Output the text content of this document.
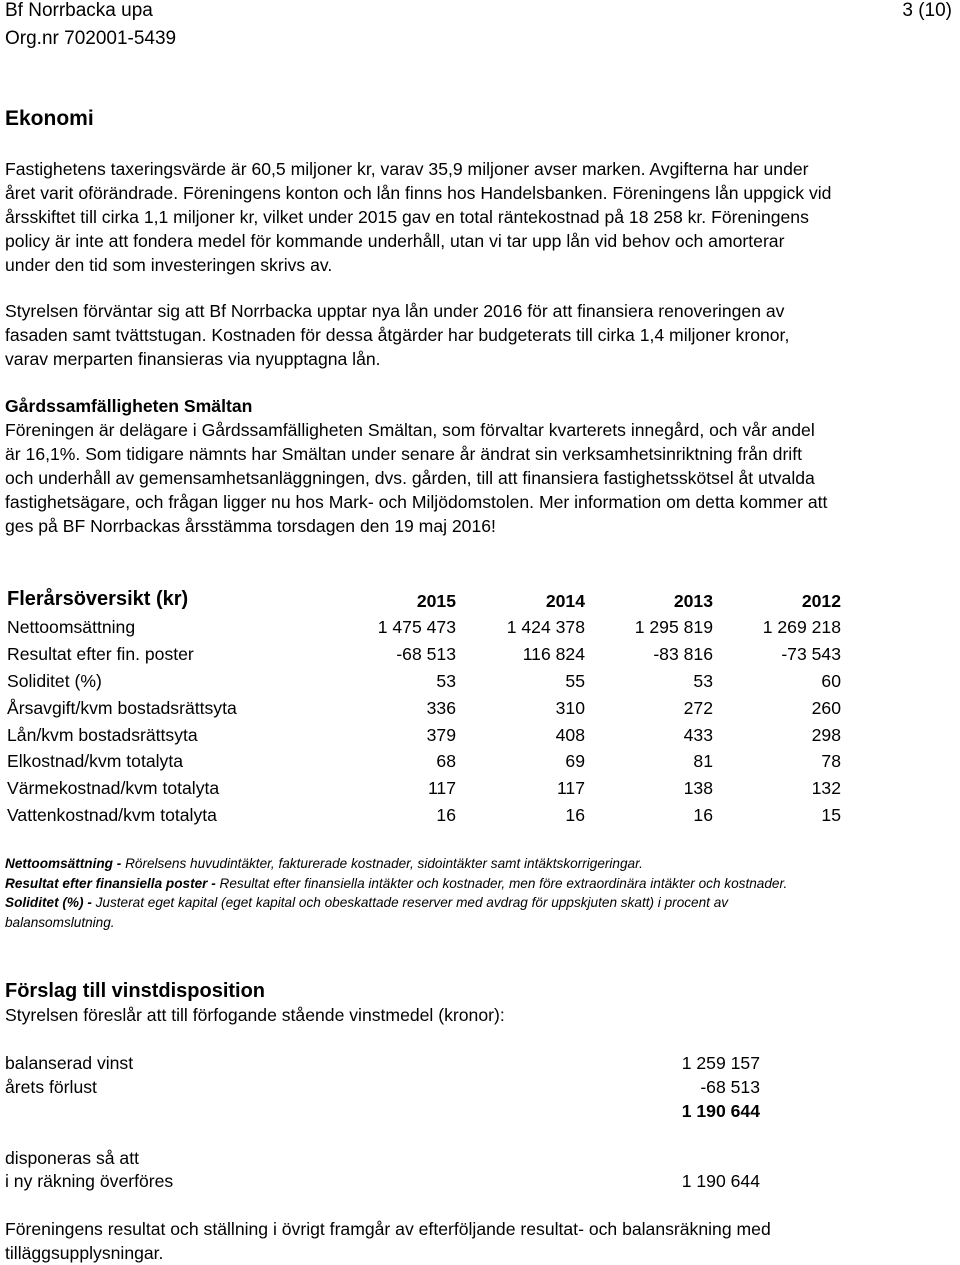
Bf Norrbacka upa	3 (10)
Org.nr 702001-5439
Ekonomi
Fastighetens taxeringsvärde är 60,5 miljoner kr, varav 35,9 miljoner avser marken. Avgifterna har under
året varit oförändrade. Föreningens konton och lån finns hos Handelsbanken. Föreningens lån uppgick vid
årsskiftet till cirka 1,1 miljoner kr, vilket under 2015 gav en total räntekostnad på 18 258 kr. Föreningens
policy är inte att fondera medel för kommande underhåll, utan vi tar upp lån vid behov och amorterar
under den tid som investeringen skrivs av.
Styrelsen förväntar sig att Bf Norrbacka upptar nya lån under 2016 för att finansiera renoveringen av
fasaden samt tvättstugan. Kostnaden för dessa åtgärder har budgeterats till cirka 1,4 miljoner kronor,
varav merparten finansieras via nyupptagna lån.
Gårdssamfälligheten Smältan
Föreningen är delägare i Gårdssamfälligheten Smältan, som förvaltar kvarterets innegård, och vår andel
är 16,1%. Som tidigare nämnts har Smältan under senare år ändrat sin verksamhetsinriktning från drift
och underhåll av gemensamhetsanläggningen, dvs. gården, till att finansiera fastighetsskötsel åt utvalda
fastighetsägare, och frågan ligger nu hos Mark- och Miljödomstolen. Mer information om detta kommer att
ges på BF Norrbackas årsstämma torsdagen den 19 maj 2016!
Flerårsöversikt (kr)	2015	2014	2013	2012
Nettoomsättning	1 475 473	1 424 378	1 295 819	1 269 218
Resultat efter fin. poster	-68 513	116 824	-83 816	-73 543
Soliditet (%)	53	55	53	60
Årsavgift/kvm bostadsrättsyta	336	310	272	260
Lån/kvm bostadsrättsyta	379	408	433	298
Elkostnad/kvm totalyta	68	69	81	78
Värmekostnad/kvm totalyta	117	117	138	132
Vattenkostnad/kvm totalyta	16	16	16	15
Nettoomsättning - Rörelsens huvudintäkter, fakturerade kostnader, sidointäkter samt intäktskorrigeringar.
Resultat efter finansiella poster - Resultat efter finansiella intäkter och kostnader, men före extraordinära intäkter och kostnader.
Soliditet (%) - Justerat eget kapital (eget kapital och obeskattade reserver med avdrag för uppskjuten skatt) i procent av
balansomslutning.
Förslag till vinstdisposition
Styrelsen föreslår att till förfogande stående vinstmedel (kronor):
balanserad vinst	1 259 157
årets förlust	-68 513
1 190 644
disponeras så att
i ny räkning överföres	1 190 644
Föreningens resultat och ställning i övrigt framgår av efterföljande resultat- och balansräkning med
tilläggsupplysningar.
